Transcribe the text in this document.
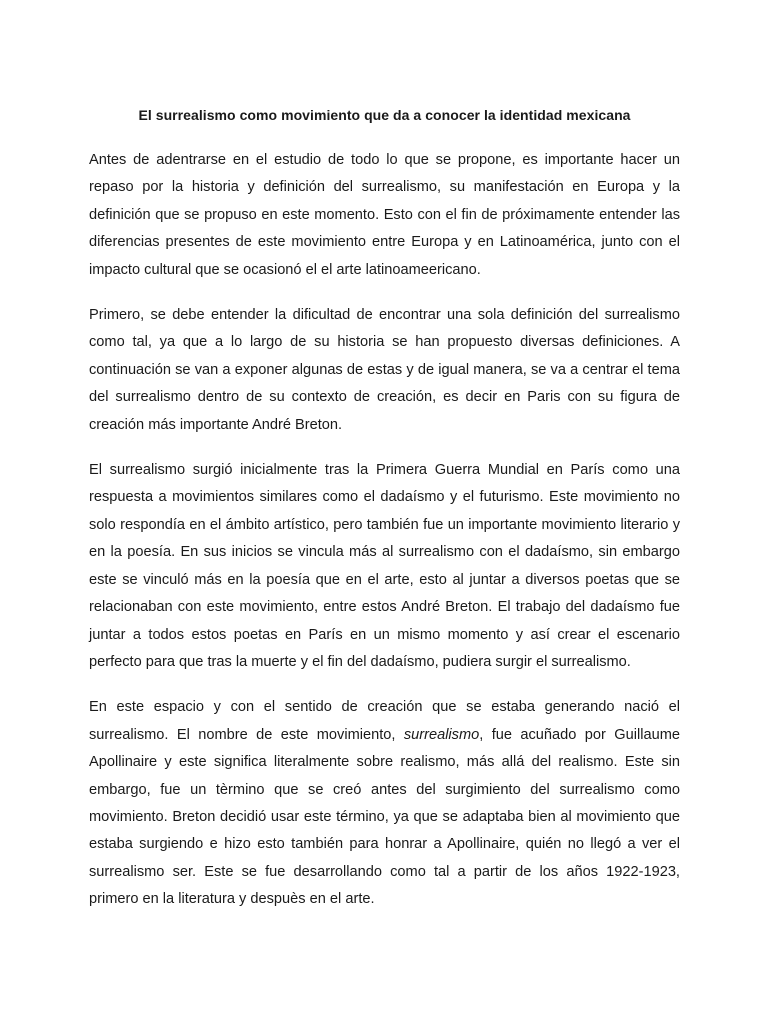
El surrealismo como movimiento que da a conocer la identidad mexicana

Antes de adentrarse en el estudio de todo lo que se propone, es importante hacer un repaso por la historia y definición del surrealismo, su manifestación en Europa y la definición que se propuso en este momento. Esto con el fin de próximamente entender las diferencias presentes de este movimiento entre Europa y en Latinoamérica, junto con el impacto cultural que se ocasionó el el arte latinoameericano.

Primero, se debe entender la dificultad de encontrar una sola definición del surrealismo como tal, ya que a lo largo de su historia se han propuesto diversas definiciones. A continuación se van a exponer algunas de estas y de igual manera, se va a centrar el tema del surrealismo dentro de su contexto de creación, es decir en Paris con su figura de creación más importante André Breton.

El surrealismo surgió inicialmente tras la Primera Guerra Mundial en París como una respuesta a movimientos similares como el dadaísmo y el futurismo. Este movimiento no solo respondía en el ámbito artístico, pero también fue un importante movimiento literario y en la poesía. En sus inicios se vincula más al surrealismo con el dadaísmo, sin embargo este se vinculó más en la poesía que en el arte, esto al juntar a diversos poetas que se relacionaban con este movimiento, entre estos André Breton. El trabajo del dadaísmo fue juntar a todos estos poetas en París en un mismo momento y así crear el escenario perfecto para que tras la muerte y el fin del dadaísmo, pudiera surgir el surrealismo.

En este espacio y con el sentido de creación que se estaba generando nació el surrealismo. El nombre de este movimiento, surrealismo, fue acuñado por Guillaume Apollinaire y este significa literalmente sobre realismo, más allá del realismo. Este sin embargo, fue un tèrmino que se creó antes del surgimiento del surrealismo como movimiento. Breton decidió usar este término, ya que se adaptaba bien al movimiento que estaba surgiendo e hizo esto también para honrar a Apollinaire, quién no llegó a ver el surrealismo ser. Este se fue desarrollando como tal a partir de los años 1922-1923, primero en la literatura y despuès en el arte.
